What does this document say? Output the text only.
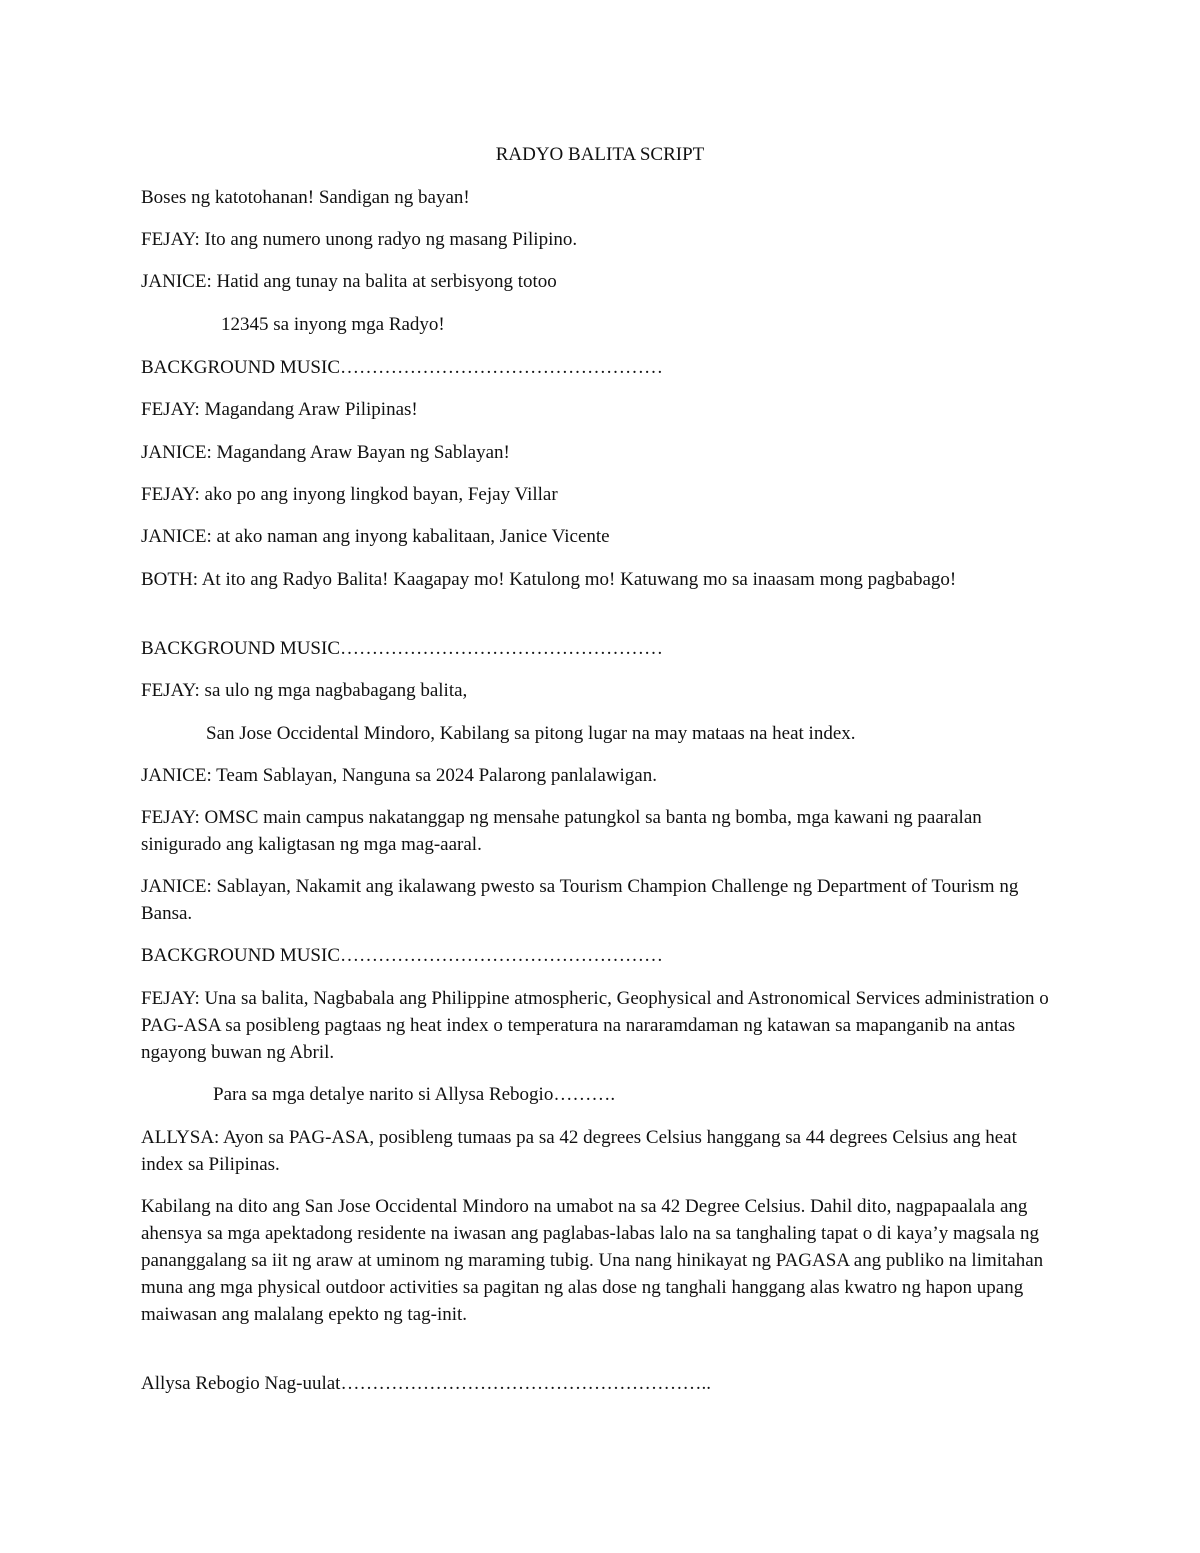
RADYO BALITA SCRIPT

Boses ng katotohanan! Sandigan ng bayan!

FEJAY: Ito ang numero unong radyo ng masang Pilipino.

JANICE: Hatid ang tunay na balita at serbisyong totoo

12345 sa inyong mga Radyo!

BACKGROUND MUSIC……………………………………………

FEJAY: Magandang Araw Pilipinas!

JANICE: Magandang Araw Bayan ng Sablayan!

FEJAY: ako po ang inyong lingkod bayan, Fejay Villar

JANICE: at ako naman ang inyong kabalitaan, Janice Vicente

BOTH: At ito ang Radyo Balita! Kaagapay mo! Katulong mo! Katuwang mo sa inaasam mong pagbabago!

BACKGROUND MUSIC……………………………………………

FEJAY: sa ulo ng mga nagbabagang balita,

San Jose Occidental Mindoro, Kabilang sa pitong lugar na may mataas na heat index.

JANICE: Team Sablayan, Nanguna sa 2024 Palarong panlalawigan.

FEJAY: OMSC main campus nakatanggap ng mensahe patungkol sa banta ng bomba, mga kawani ng paaralan sinigurado ang kaligtasan ng mga mag-aaral.

JANICE: Sablayan, Nakamit ang ikalawang pwesto sa Tourism Champion Challenge ng Department of Tourism ng Bansa.

BACKGROUND MUSIC……………………………………………

FEJAY: Una sa balita, Nagbabala ang Philippine atmospheric, Geophysical and Astronomical Services administration o PAG-ASA sa posibleng pagtaas ng heat index o temperatura na nararamdaman ng katawan sa mapanganib na antas ngayong buwan ng Abril.

Para sa mga detalye narito si Allysa Rebogio……….

ALLYSA: Ayon sa PAG-ASA, posibleng tumaas pa sa 42 degrees Celsius hanggang sa 44 degrees Celsius ang heat index sa Pilipinas.

Kabilang na dito ang San Jose Occidental Mindoro na umabot na sa 42 Degree Celsius. Dahil dito, nagpapaalala ang ahensya sa mga apektadong residente na iwasan ang paglabas-labas lalo na sa tanghaling tapat o di kaya’y magsala ng pananggalang sa iit ng araw at uminom ng maraming tubig. Una nang hinikayat ng PAGASA ang publiko na limitahan muna ang mga physical outdoor activities sa pagitan ng alas dose ng tanghali hanggang alas kwatro ng hapon upang maiwasan ang malalang epekto ng tag-init.

Allysa Rebogio Nag-uulat…………………………………………………..
